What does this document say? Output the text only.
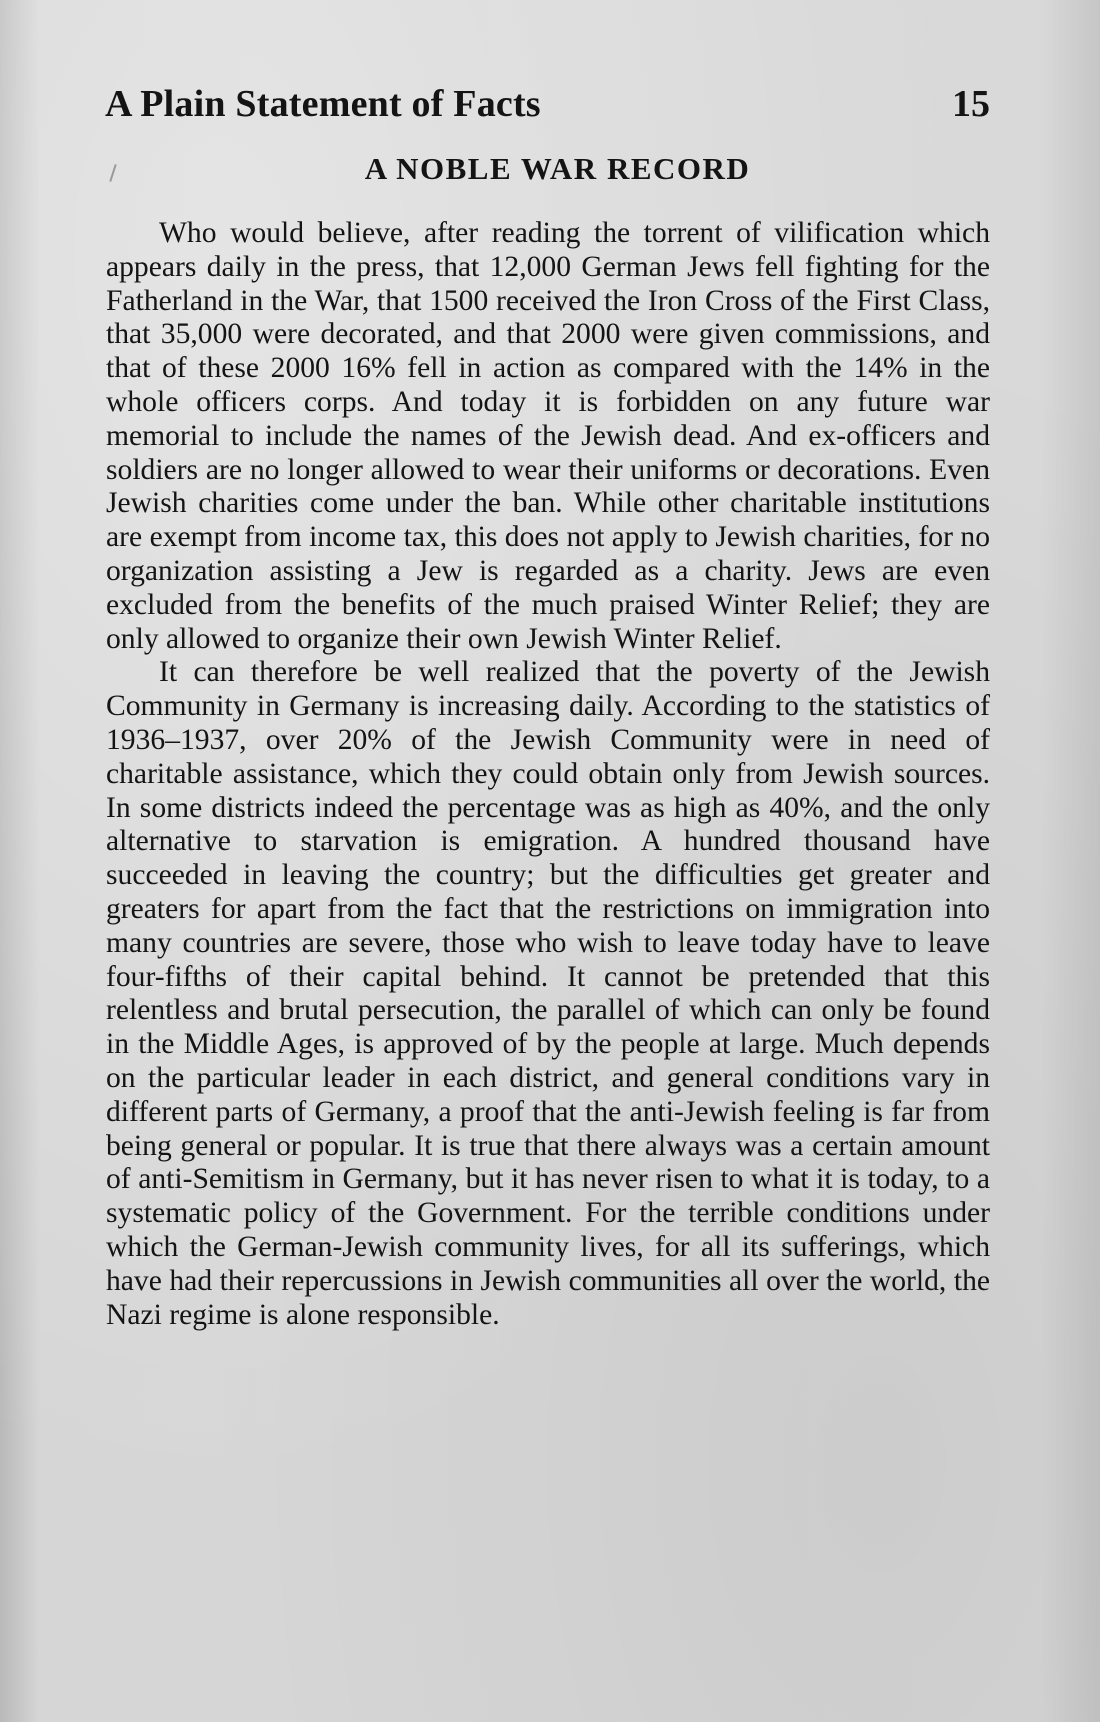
A Plain Statement of Facts	15
A NOBLE WAR RECORD

Who would believe, after reading the torrent of vilification which appears daily in the press, that 12,000 German Jews fell fighting for the Fatherland in the War, that 1500 received the Iron Cross of the First Class, that 35,000 were decorated, and that 2000 were given commissions, and that of these 2000 16% fell in action as compared with the 14% in the whole officers corps. And today it is forbidden on any future war memorial to include the names of the Jewish dead. And ex-officers and soldiers are no longer allowed to wear their uniforms or decorations. Even Jewish charities come under the ban. While other charitable institutions are exempt from income tax, this does not apply to Jewish charities, for no organization assisting a Jew is regarded as a charity. Jews are even excluded from the benefits of the much praised Winter Relief; they are only allowed to organize their own Jewish Winter Relief.

It can therefore be well realized that the poverty of the Jewish Community in Germany is increasing daily. According to the statistics of 1936–1937, over 20% of the Jewish Community were in need of charitable assistance, which they could obtain only from Jewish sources. In some districts indeed the percentage was as high as 40%, and the only alternative to starvation is emigration. A hundred thousand have succeeded in leaving the country; but the difficulties get greater and greaters for apart from the fact that the restrictions on immigration into many countries are severe, those who wish to leave today have to leave four-fifths of their capital behind. It cannot be pretended that this relentless and brutal persecution, the parallel of which can only be found in the Middle Ages, is approved of by the people at large. Much depends on the particular leader in each district, and general conditions vary in different parts of Germany, a proof that the anti-Jewish feeling is far from being general or popular. It is true that there always was a certain amount of anti-Semitism in Germany, but it has never risen to what it is today, to a systematic policy of the Government. For the terrible conditions under which the German-Jewish community lives, for all its sufferings, which have had their repercussions in Jewish communities all over the world, the Nazi regime is alone responsible.
